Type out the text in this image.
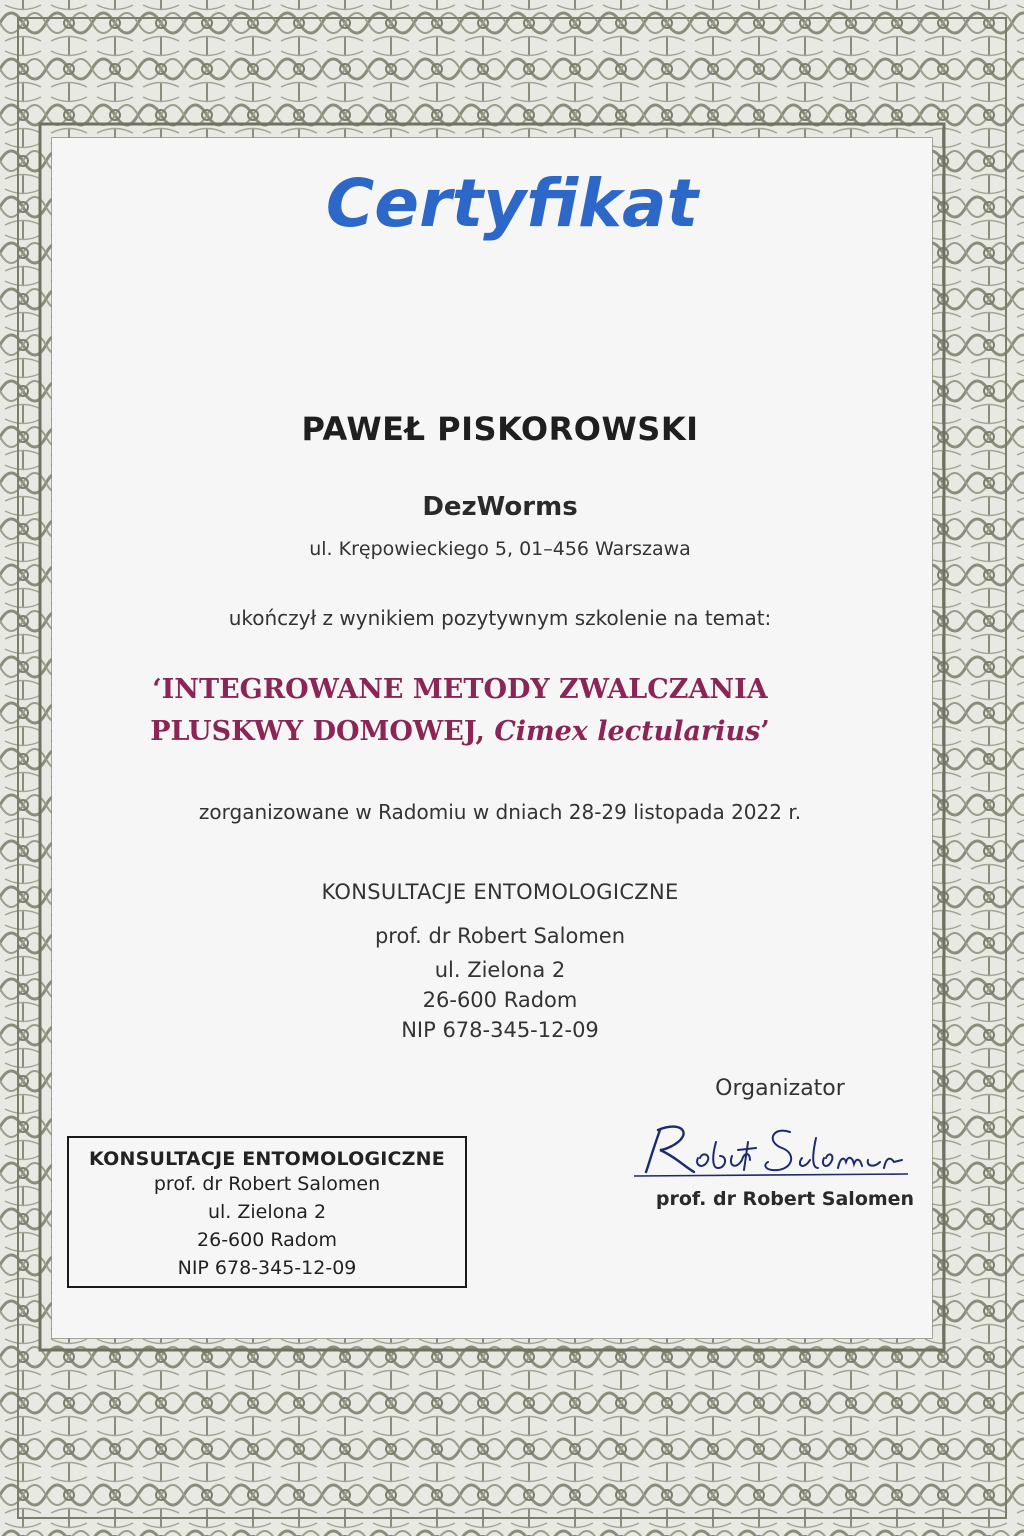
Certyfikat
PAWEŁ PISKOROWSKI
DezWorms
ul. Krępowieckiego 5, 01–456 Warszawa
ukończył z wynikiem pozytywnym szkolenie na temat:
‘INTEGROWANE METODY ZWALCZANIA
PLUSKWY DOMOWEJ, Cimex lectularius’
zorganizowane w Radomiu w dniach 28-29 listopada 2022 r.
KONSULTACJE ENTOMOLOGICZNE
prof. dr Robert Salomen
ul. Zielona 2
26-600 Radom
NIP 678-345-12-09
Organizator
prof. dr Robert Salomen
KONSULTACJE ENTOMOLOGICZNE
prof. dr Robert Salomen
ul. Zielona 2
26-600 Radom
NIP 678-345-12-09
